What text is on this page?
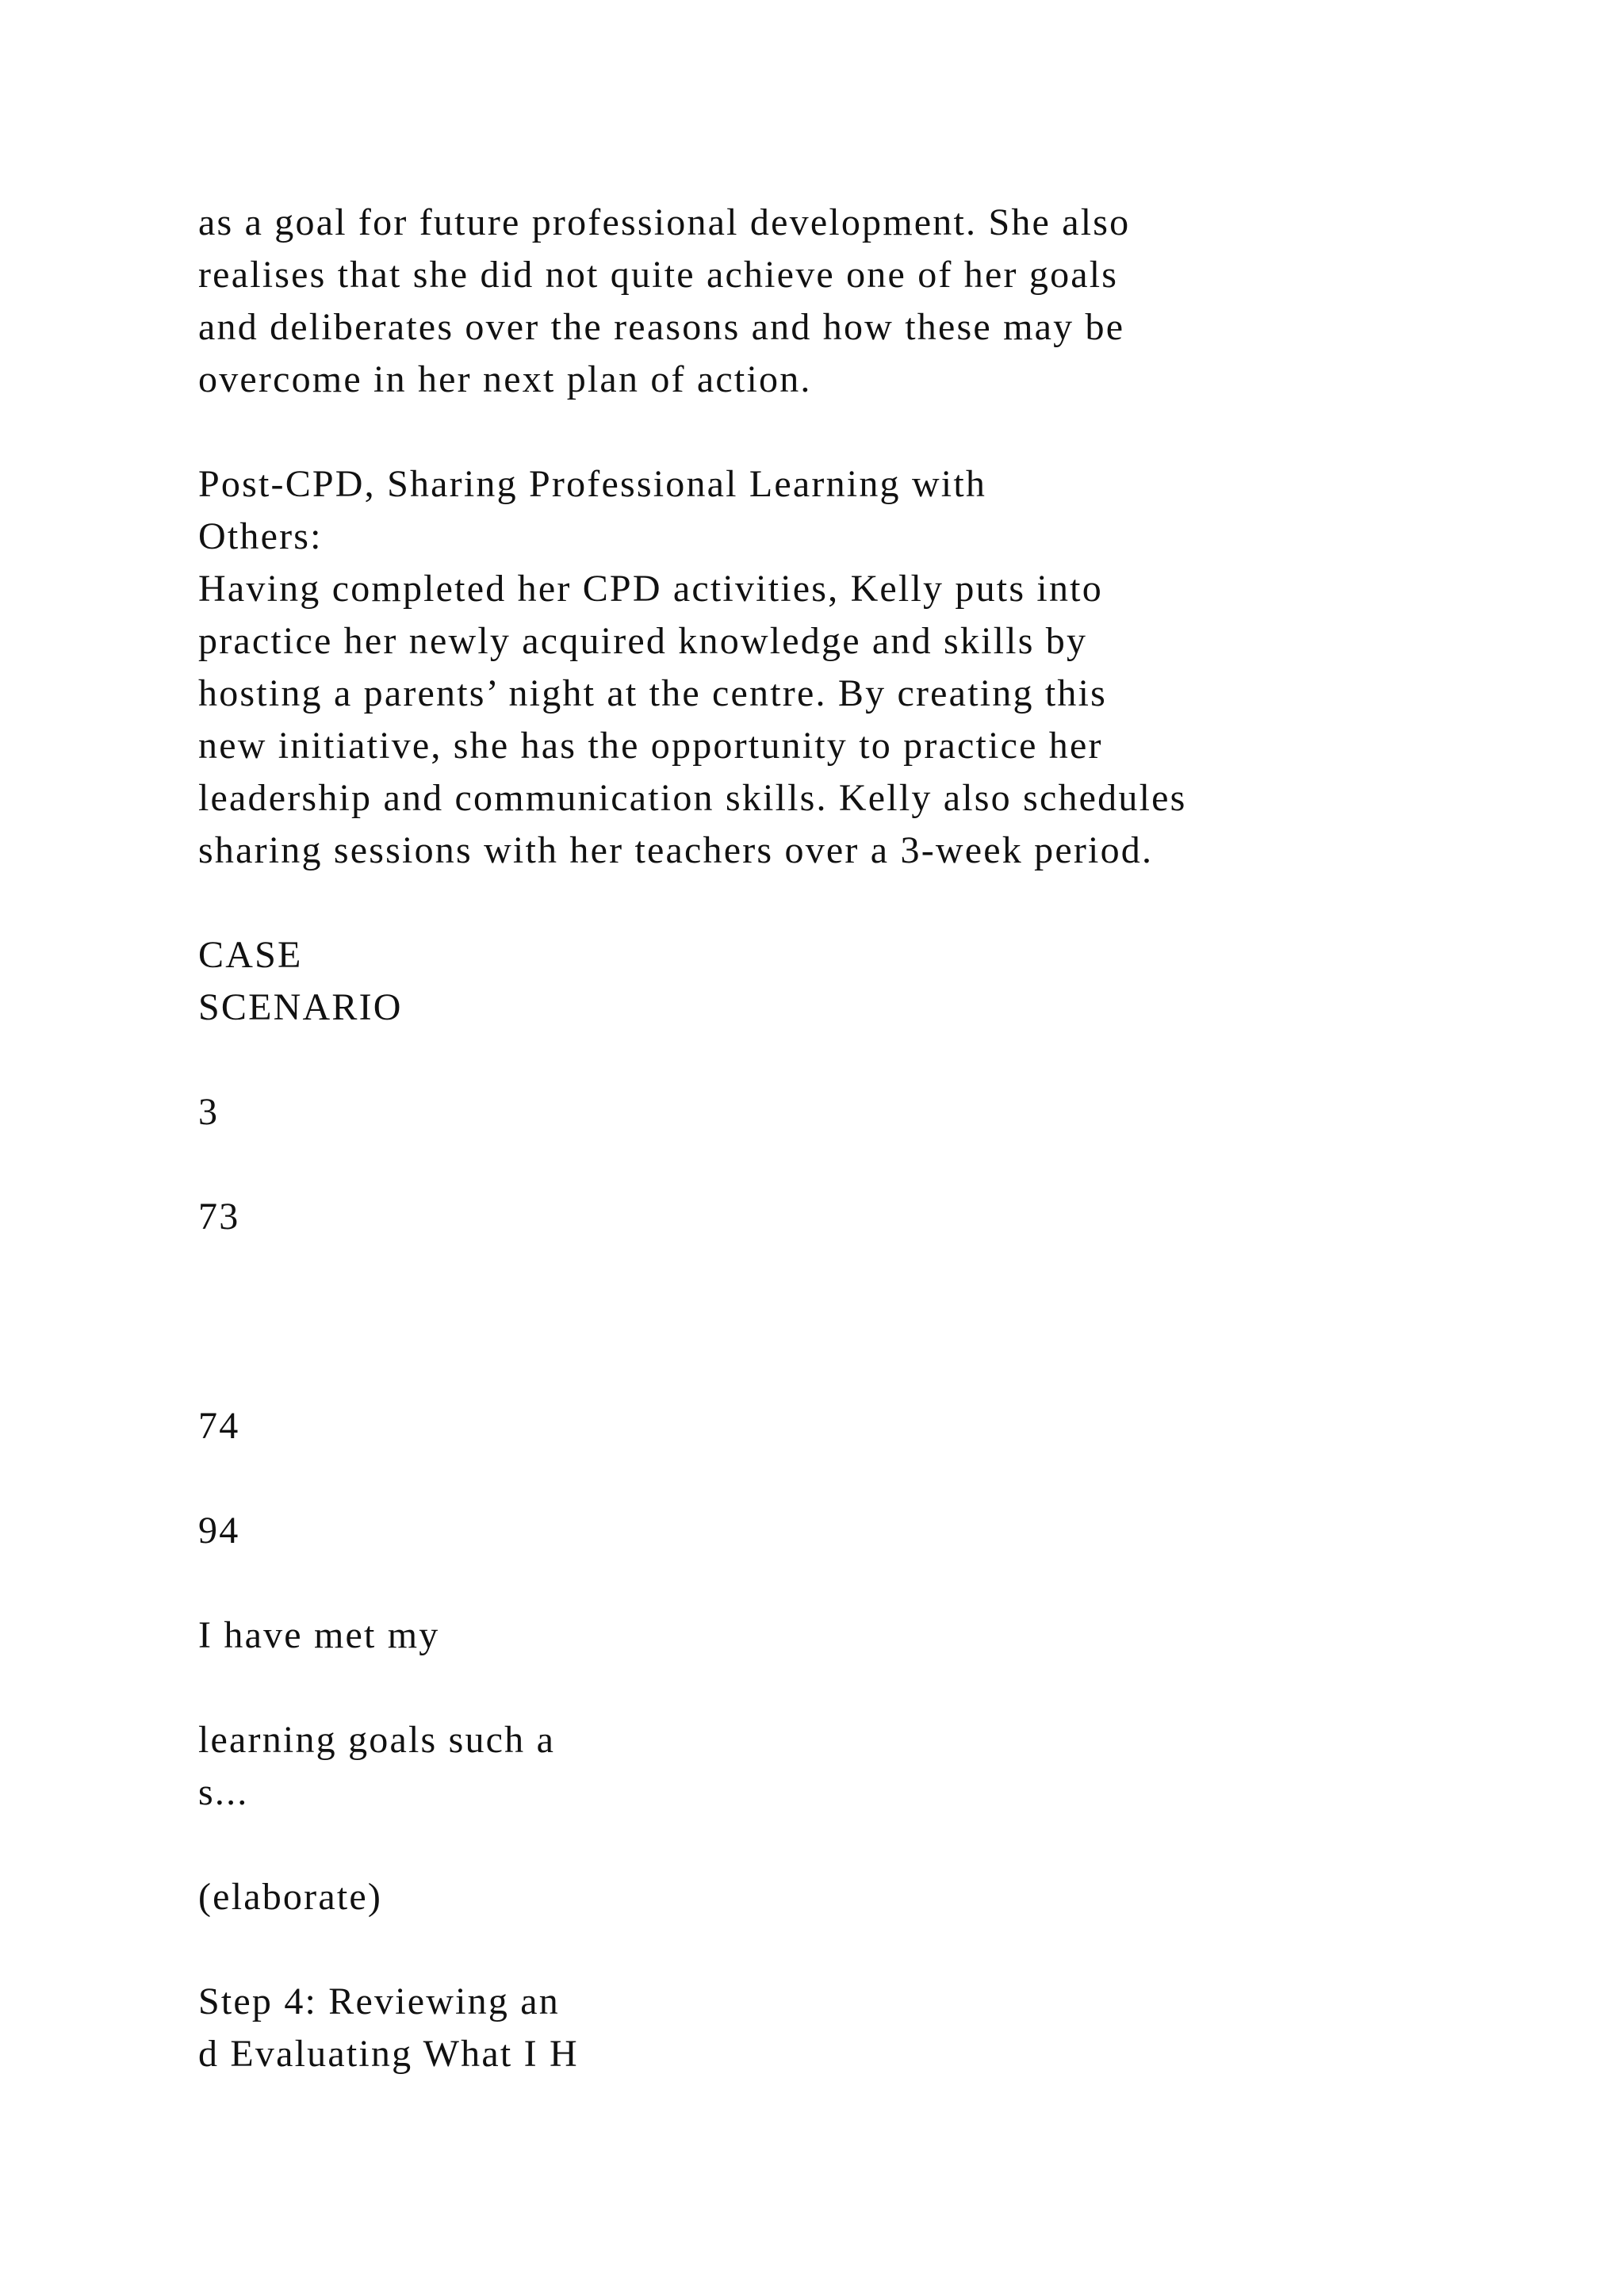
as a goal for future professional development. She also

realises that she did not quite achieve one of her goals

and deliberates over the reasons and how these may be

overcome in her next plan of action.

Post-CPD, Sharing Professional Learning with

Others:

Having completed her CPD activities, Kelly puts into

practice her newly acquired knowledge and skills by

hosting a parents’ night at the centre. By creating this

new initiative, she has the opportunity to practice her

leadership and communication skills. Kelly also schedules

sharing sessions with her teachers over a 3-week period.

CASE

SCENARIO

3

73

74

94

I have met my

learning goals such a

s...

(elaborate)

Step 4: Reviewing an

d Evaluating What I H
